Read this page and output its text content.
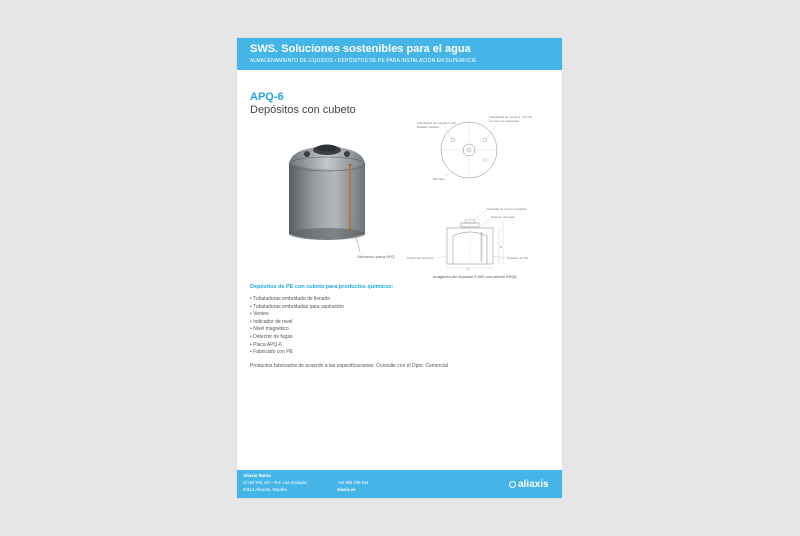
SWS. Soluciones sostenibles para el agua
ALMACENAMIENTO DE LÍQUIDOS • DEPÓSITOS DE PE PARA INSTALACIÓN EN SUPERFICIE
APQ-6
Depósitos con cubeto
Ubicación placa APQ
Tubuladura de entrada 1" 1/2
bridada roscada
Tubuladura de venteo 1" 1/2 OD
con tubo de aspiración
Manhole
Ø
H
Indicador de nivel por flotador
Detector de fugas
Cubeto de retención	Depósito de PE
Imágenes del depósito 5.000 con cubeto APQ6
Depósitos de PE con cubeto para productos químicos:
• Tubuladuras embridada de llenado
• Tubuladuras embridadas para aspiración
• Venteo
• Indicador de nivel
• Nivel magnético
• Detector de fugas
• Placa APQ-6
• Fabricado con PE
Productos fabricados de acuerdo a las especificaciones. Consulte con el Dpto. Comercial
Aliaxis Iberia
C/ del Yeti, s/n – Pol. Las Atalayas
03114 Alicante, España
+34 965 109 044
aliaxis.es	aliaxis
